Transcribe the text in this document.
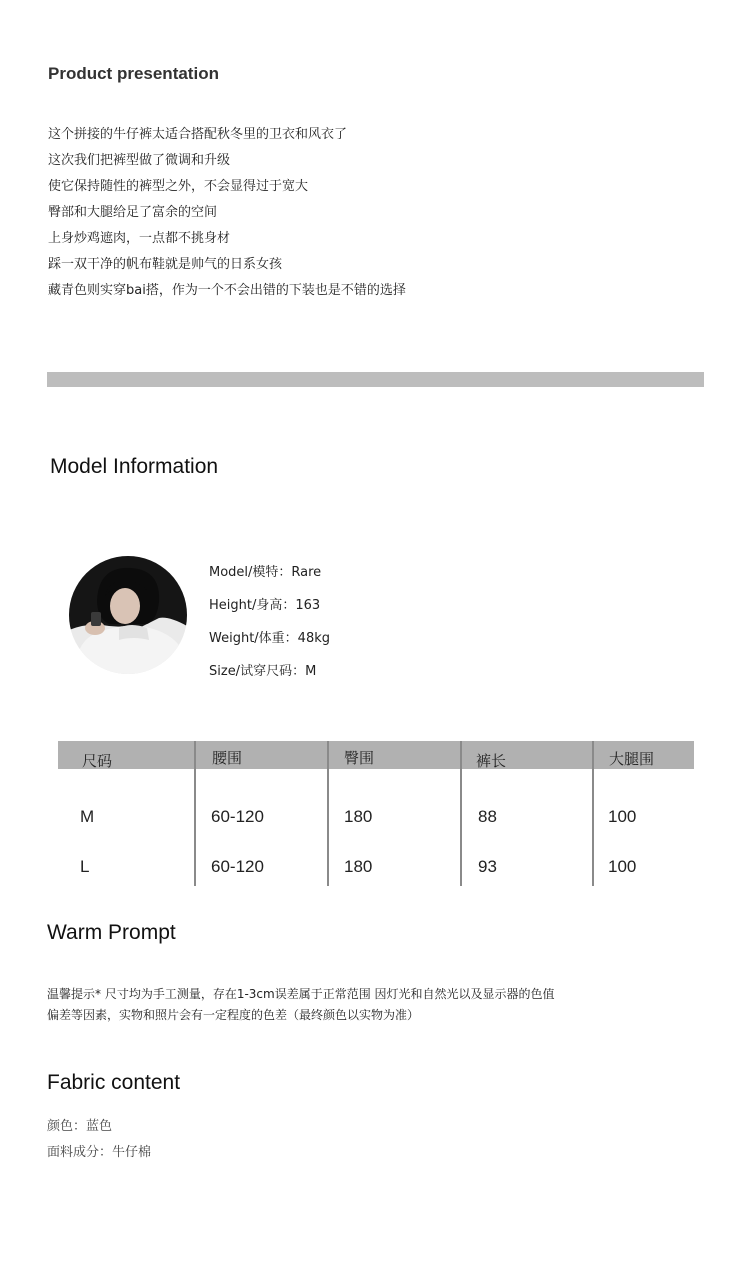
Product presentation
这个拼接的牛仔裤太适合搭配秋冬里的卫衣和风衣了
这次我们把裤型做了微调和升级
使它保持随性的裤型之外，不会显得过于宽大
臀部和大腿给足了富余的空间
上身炒鸡遮肉，一点都不挑身材
踩一双干净的帆布鞋就是帅气的日系女孩
藏青色则实穿bai搭，作为一个不会出错的下装也是不错的选择
Model Information
Model/模特：Rare
Height/身高：163
Weight/体重：48kg
Size/试穿尺码：M
尺码	腰围	臀围	裤长	大腿围
M	60-120	180	88	100
L	60-120	180	93	100
Warm Prompt
温馨提示* 尺寸均为手工测量，存在1-3cm误差属于正常范围 因灯光和自然光以及显示器的色值
偏差等因素，实物和照片会有一定程度的色差（最终颜色以实物为准）
Fabric content
颜色：蓝色
面料成分：牛仔棉
